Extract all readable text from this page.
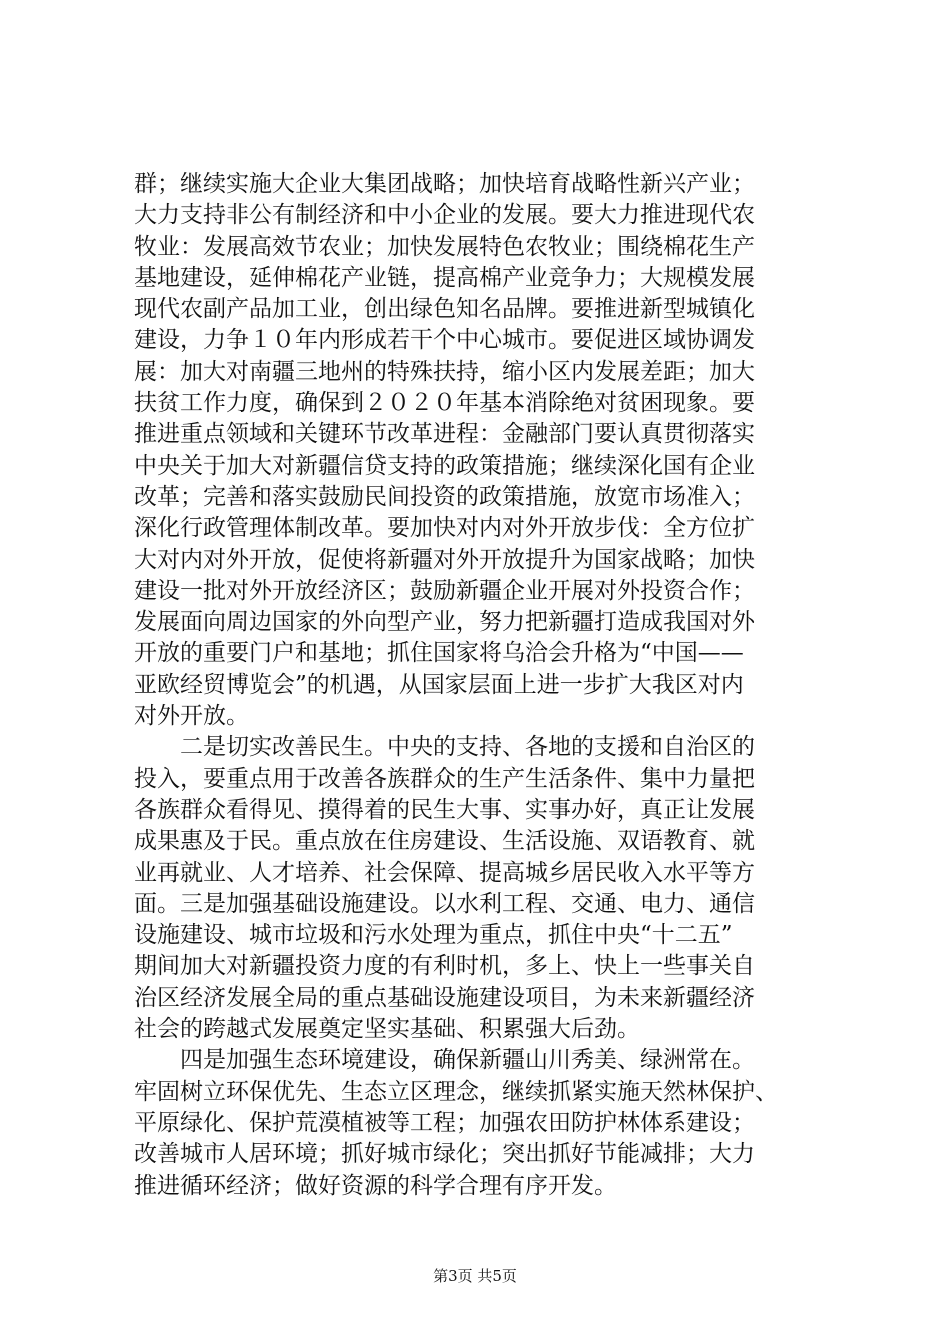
群；继续实施大企业大集团战略；加快培育战略性新兴产业；
大力支持非公有制经济和中小企业的发展。要大力推进现代农
牧业：发展高效节农业；加快发展特色农牧业；围绕棉花生产
基地建设，延伸棉花产业链，提高棉产业竞争力；大规模发展
现代农副产品加工业，创出绿色知名品牌。要推进新型城镇化
建设，力争１０年内形成若干个中心城市。要促进区域协调发
展：加大对南疆三地州的特殊扶持，缩小区内发展差距；加大
扶贫工作力度，确保到２０２０年基本消除绝对贫困现象。要
推进重点领域和关键环节改革进程：金融部门要认真贯彻落实
中央关于加大对新疆信贷支持的政策措施；继续深化国有企业
改革；完善和落实鼓励民间投资的政策措施，放宽市场准入；
深化行政管理体制改革。要加快对内对外开放步伐：全方位扩
大对内对外开放，促使将新疆对外开放提升为国家战略；加快
建设一批对外开放经济区；鼓励新疆企业开展对外投资合作；
发展面向周边国家的外向型产业，努力把新疆打造成我国对外
开放的重要门户和基地；抓住国家将乌洽会升格为“中国——
亚欧经贸博览会”的机遇，从国家层面上进一步扩大我区对内
对外开放。
二是切实改善民生。中央的支持、各地的支援和自治区的
投入，要重点用于改善各族群众的生产生活条件、集中力量把
各族群众看得见、摸得着的民生大事、实事办好，真正让发展
成果惠及于民。重点放在住房建设、生活设施、双语教育、就
业再就业、人才培养、社会保障、提高城乡居民收入水平等方
面。三是加强基础设施建设。以水利工程、交通、电力、通信
设施建设、城市垃圾和污水处理为重点，抓住中央“十二五”
期间加大对新疆投资力度的有利时机，多上、快上一些事关自
治区经济发展全局的重点基础设施建设项目，为未来新疆经济
社会的跨越式发展奠定坚实基础、积累强大后劲。
四是加强生态环境建设，确保新疆山川秀美、绿洲常在。
牢固树立环保优先、生态立区理念，继续抓紧实施天然林保护、
平原绿化、保护荒漠植被等工程；加强农田防护林体系建设；
改善城市人居环境；抓好城市绿化；突出抓好节能减排；大力
推进循环经济；做好资源的科学合理有序开发。
第3页 共5页
